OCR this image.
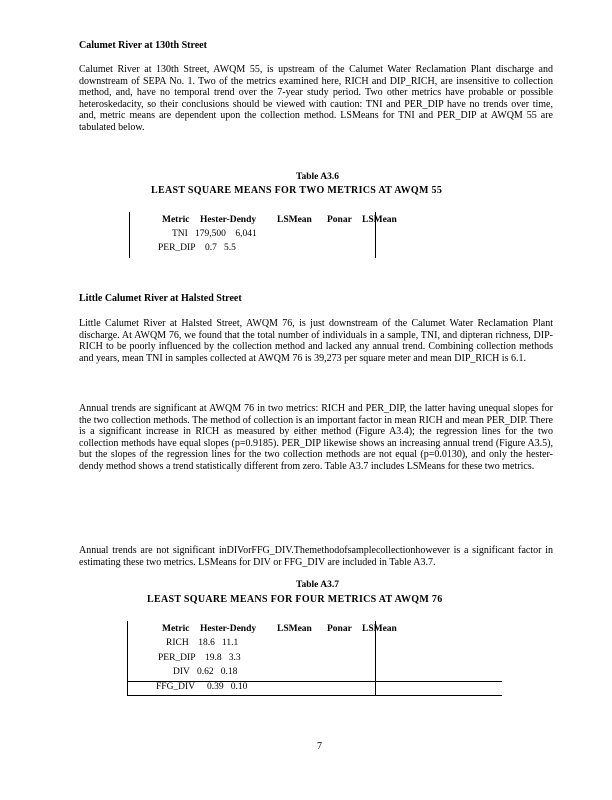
Calumet River at 130th Street

Calumet River at 130th Street, AWQM 55, is upstream of the Calumet Water Reclamation Plant discharge and downstream of SEPA No. 1. Two of the metrics examined here, RICH and DIP_RICH, are insensitive to collection method, and, have no temporal trend over the 7-year study period. Two other metrics have probable or possible heteroskedacity, so their conclusions should be viewed with caution: TNI and PER_DIP have no trends over time, and, metric means are dependent upon the collection method. LSMeans for TNI and PER_DIP at AWQM 55 are tabulated below.

Table A3.6
LEAST SQUARE MEANS FOR TWO METRICS AT AWQM 55
Metric Hester-Dendy LSMean Ponar LSMean
TNI 179,500 6,041
PER_DIP 0.7 5.5
Little Calumet River at Halsted Street

Little Calumet River at Halsted Street, AWQM 76, is just downstream of the Calumet Water Reclamation Plant discharge. At AWQM 76, we found that the total number of individuals in a sample, TNI, and dipteran richness, DIP-RICH to be poorly influenced by the collection method and lacked any annual trend. Combining collection methods and years, mean TNI in samples collected at AWQM 76 is 39,273 per square meter and mean DIP_RICH is 6.1.

Annual trends are significant at AWQM 76 in two metrics: RICH and PER_DIP, the latter having unequal slopes for the two collection methods. The method of collection is an important factor in mean RICH and mean PER_DIP. There is a significant increase in RICH as measured by either method (Figure A3.4); the regression lines for the two collection methods have equal slopes (p=0.9185). PER_DIP likewise shows an increasing annual trend (Figure A3.5), but the slopes of the regression lines for the two collection methods are not equal (p=0.0130), and only the hester-dendy method shows a trend statistically different from zero. Table A3.7 includes LSMeans for these two metrics.

Annual trends are not significant inDIVorFFG_DIV.Themethodofsamplecollectionhowever is a significant factor in estimating these two metrics. LSMeans for DIV or FFG_DIV are included in Table A3.7.

Table A3.7
LEAST SQUARE MEANS FOR FOUR METRICS AT AWQM 76
Metric Hester-Dendy LSMean Ponar LSMean
RICH 18.6 11.1
PER_DIP 19.8 3.3
DIV 0.62 0.18
FFG_DIV 0.39 0.10
7
